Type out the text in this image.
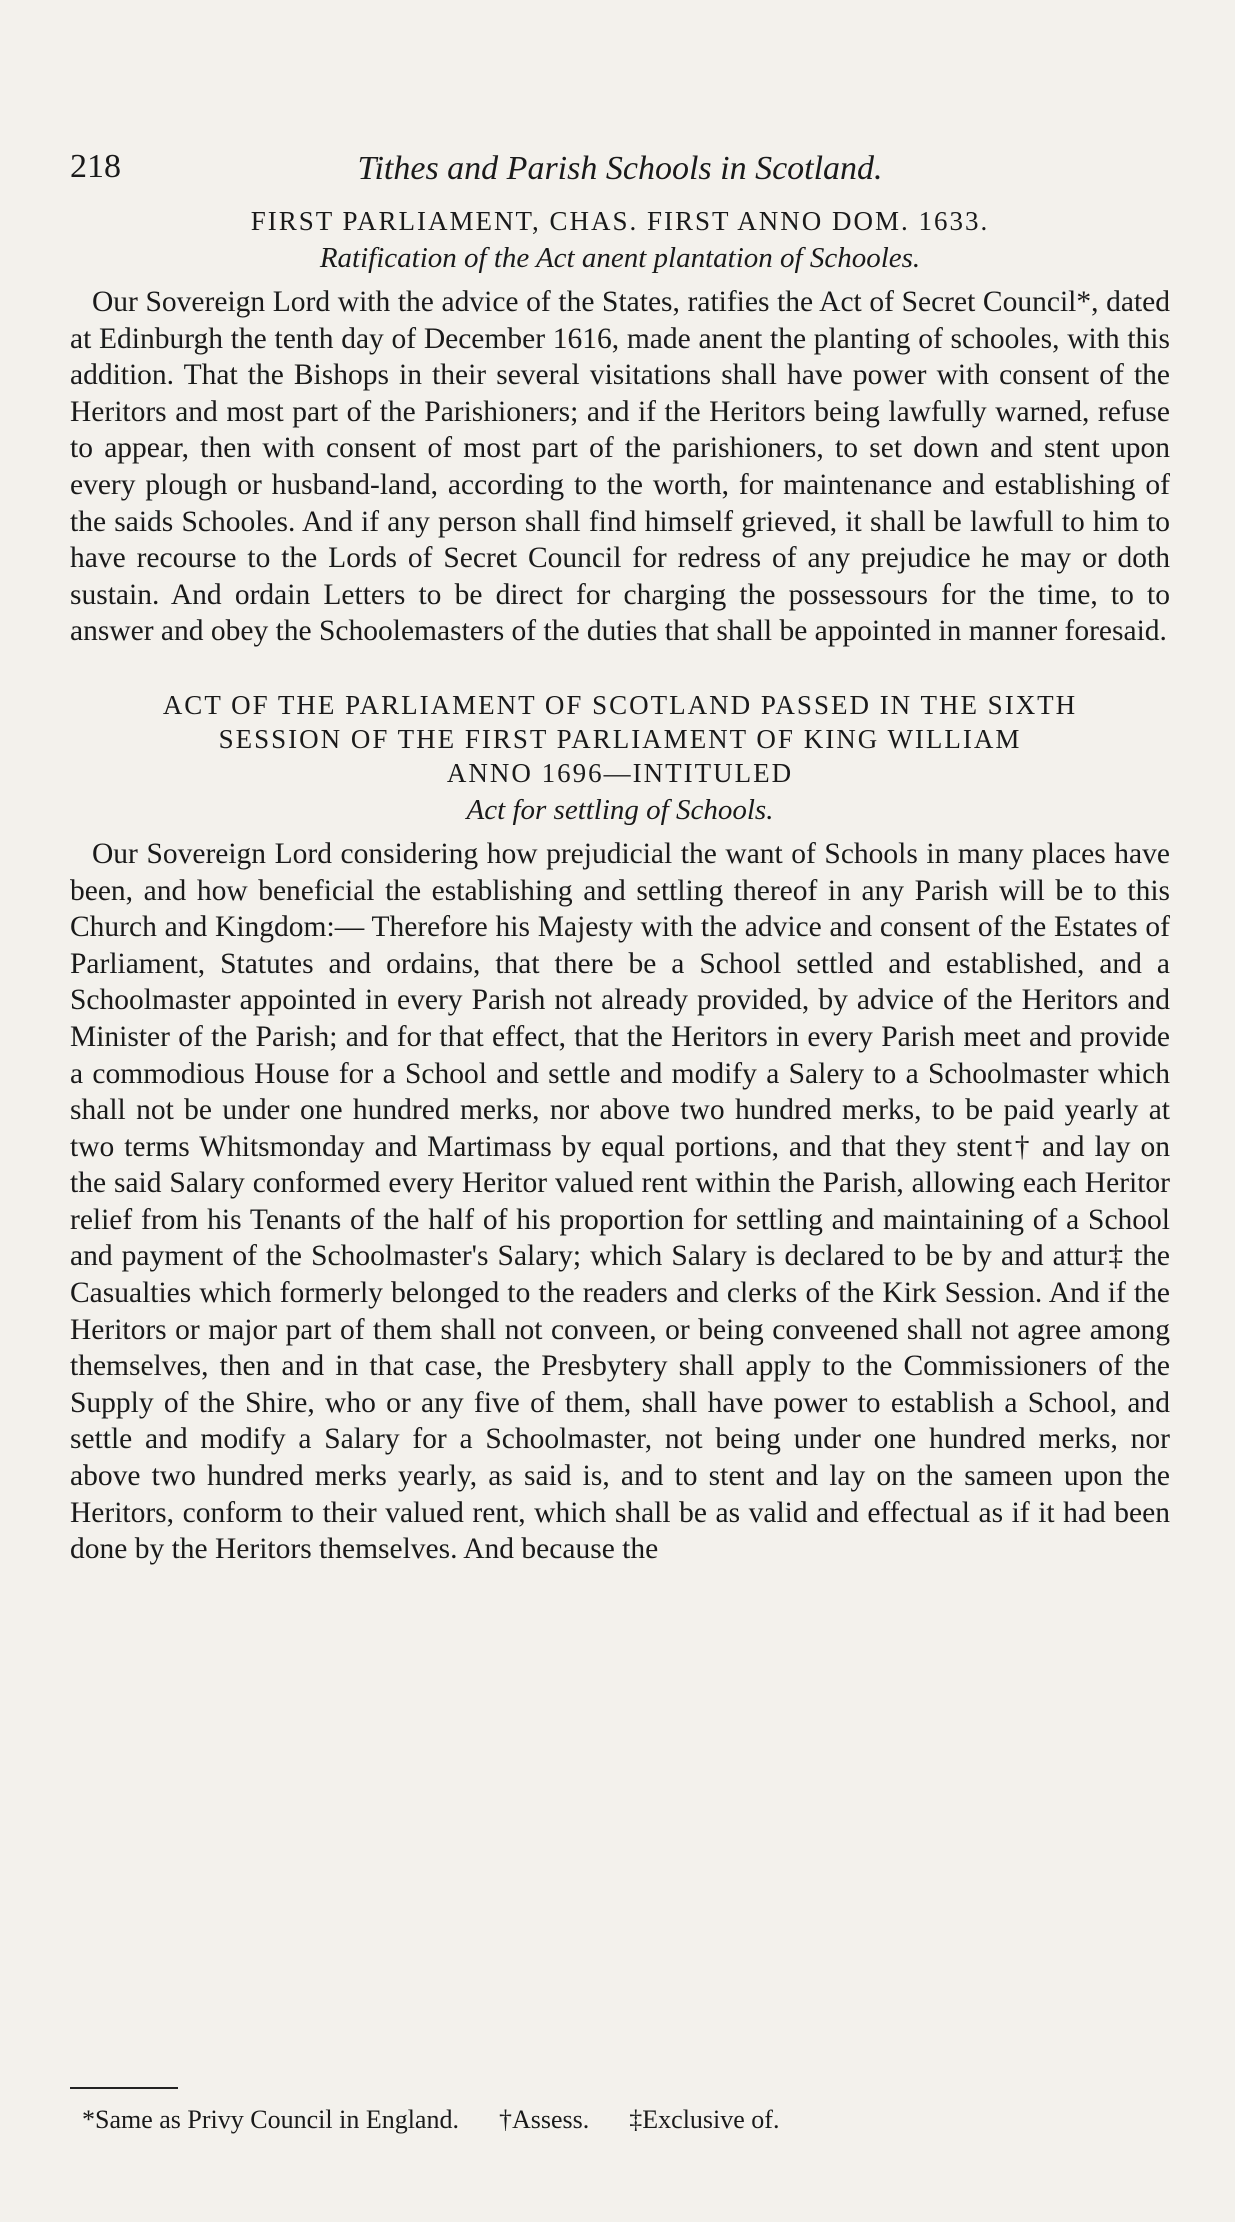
218	Tithes and Parish Schools in Scotland.

FIRST PARLIAMENT, CHAS. FIRST ANNO DOM. 1633.

Ratification of the Act anent plantation of Schooles.

Our Sovereign Lord with the advice of the States, ratifies the Act of Secret Council*, dated at Edinburgh the tenth day of December 1616, made anent the planting of schooles, with this addition. That the Bishops in their several visitations shall have power with consent of the Heritors and most part of the Parishioners; and if the Heritors being lawfully warned, refuse to appear, then with consent of most part of the parishioners, to set down and stent upon every plough or husband-land, according to the worth, for maintenance and establishing of the saids Schooles. And if any person shall find himself grieved, it shall be lawfull to him to have recourse to the Lords of Secret Council for redress of any prejudice he may or doth sustain. And ordain Letters to be direct for charging the possessours for the time, to to answer and obey the Schoolemasters of the duties that shall be appointed in manner foresaid.

ACT OF THE PARLIAMENT OF SCOTLAND PASSED IN THE SIXTH

SESSION OF THE FIRST PARLIAMENT OF KING WILLIAM

ANNO 1696—INTITULED

Act for settling of Schools.

Our Sovereign Lord considering how prejudicial the want of Schools in many places have been, and how beneficial the establishing and settling thereof in any Parish will be to this Church and Kingdom:— Therefore his Majesty with the advice and consent of the Estates of Parliament, Statutes and ordains, that there be a School settled and established, and a Schoolmaster appointed in every Parish not already provided, by advice of the Heritors and Minister of the Parish; and for that effect, that the Heritors in every Parish meet and provide a commodious House for a School and settle and modify a Salery to a Schoolmaster which shall not be under one hundred merks, nor above two hundred merks, to be paid yearly at two terms Whitsmonday and Martimass by equal portions, and that they stent† and lay on the said Salary conformed every Heritor valued rent within the Parish, allowing each Heritor relief from his Tenants of the half of his proportion for settling and maintaining of a School and payment of the Schoolmaster's Salary; which Salary is declared to be by and attur‡ the Casualties which formerly belonged to the readers and clerks of the Kirk Session. And if the Heritors or major part of them shall not conveen, or being conveened shall not agree among themselves, then and in that case, the Presbytery shall apply to the Commissioners of the Supply of the Shire, who or any five of them, shall have power to establish a School, and settle and modify a Salary for a Schoolmaster, not being under one hundred merks, nor above two hundred merks yearly, as said is, and to stent and lay on the sameen upon the Heritors, conform to their valued rent, which shall be as valid and effectual as if it had been done by the Heritors themselves. And because the

*Same as Privy Council in England. †Assess. ‡Exclusive of.
